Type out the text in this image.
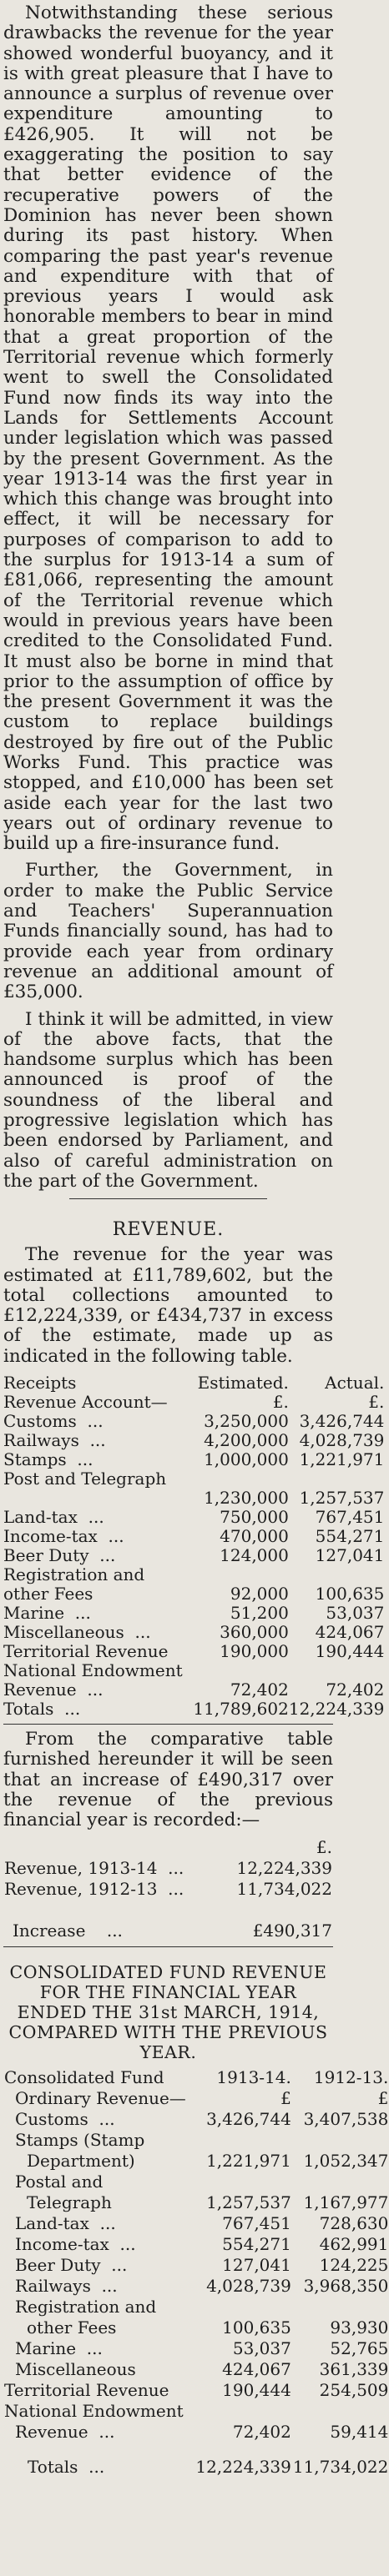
Notwithstanding these serious drawbacks the revenue for the year showed wonderful buoyancy, and it is with great pleasure that I have to announce a surplus of revenue over expenditure amounting to £426,905. It will not be exaggerating the position to say that better evidence of the recuperative powers of the Dominion has never been shown during its past history. When comparing the past year's revenue and expenditure with that of previous years I would ask honorable members to bear in mind that a great proportion of the Territorial revenue which formerly went to swell the Consolidated Fund now finds its way into the Lands for Settlements Account under legislation which was passed by the present Government. As the year 1913-14 was the first year in which this change was brought into effect, it will be necessary for purposes of comparison to add to the surplus for 1913-14 a sum of £81,066, representing the amount of the Territorial revenue which would in previous years have been credited to the Consolidated Fund. It must also be borne in mind that prior to the assumption of office by the present Government it was the custom to replace buildings destroyed by fire out of the Public Works Fund. This practice was stopped, and £10,000 has been set aside each year for the last two years out of ordinary revenue to build up a fire-insurance fund.

Further, the Government, in order to make the Public Service and Teachers' Superannuation Funds financially sound, has had to provide each year from ordinary revenue an additional amount of £35,000.

I think it will be admitted, in view of the above facts, that the handsome surplus which has been announced is proof of the soundness of the liberal and progressive legislation which has been endorsed by Parliament, and also of careful administration on the part of the Government.

REVENUE.

The revenue for the year was estimated at £11,789,602, but the total collections amounted to £12,224,339, or £434,737 in excess of the estimate, made up as indicated in the following table.

Receipts		Estimated.	Actual.
Revenue Account—		£.	£.
Customs ...		3,250,000	3,426,744
Railways ...		4,200,000	4,028,739
Stamps ...		1,000,000	1,221,971
Post and Telegraph			
		1,230,000	1,257,537
Land-tax ...		750,000	767,451
Income-tax ...		470,000	554,271
Beer Duty ...		124,000	127,041
Registration and			
other Fees		92,000	100,635
Marine ...		51,200	53,037
Miscellaneous ...		360,000	424,067
Territorial Revenue		190,000	190,444
National Endowment			
Revenue ...		72,402	72,402
Totals ...		11,789,602	12,224,339

From the comparative table furnished hereunder it will be seen that an increase of £490,317 over the revenue of the previous financial year is recorded:—

	£.
Revenue, 1913-14 ...	12,224,339
Revenue, 1912-13 ...	11,734,022
Increase ...	£490,317
CONSOLIDATED FUND REVENUE FOR THE FINANCIAL YEAR ENDED THE 31st MARCH, 1914, COMPARED WITH THE PREVIOUS YEAR.
Consolidated Fund	1913-14.	1912-13.
Ordinary Revenue—	£	£
Customs ...	3,426,744	3,407,538
Stamps (Stamp		
Department)	1,221,971	1,052,347
Postal and		
Telegraph	1,257,537	1,167,977
Land-tax ...	767,451	728,630
Income-tax ...	554,271	462,991
Beer Duty ...	127,041	124,225
Railways ...	4,028,739	3,968,350
Registration and		
other Fees	100,635	93,930
Marine ...	53,037	52,765
Miscellaneous	424,067	361,339
Territorial Revenue	190,444	254,509
National Endowment		
Revenue ...	72,402	59,414
Totals ...	12,224,339	11,734,022
